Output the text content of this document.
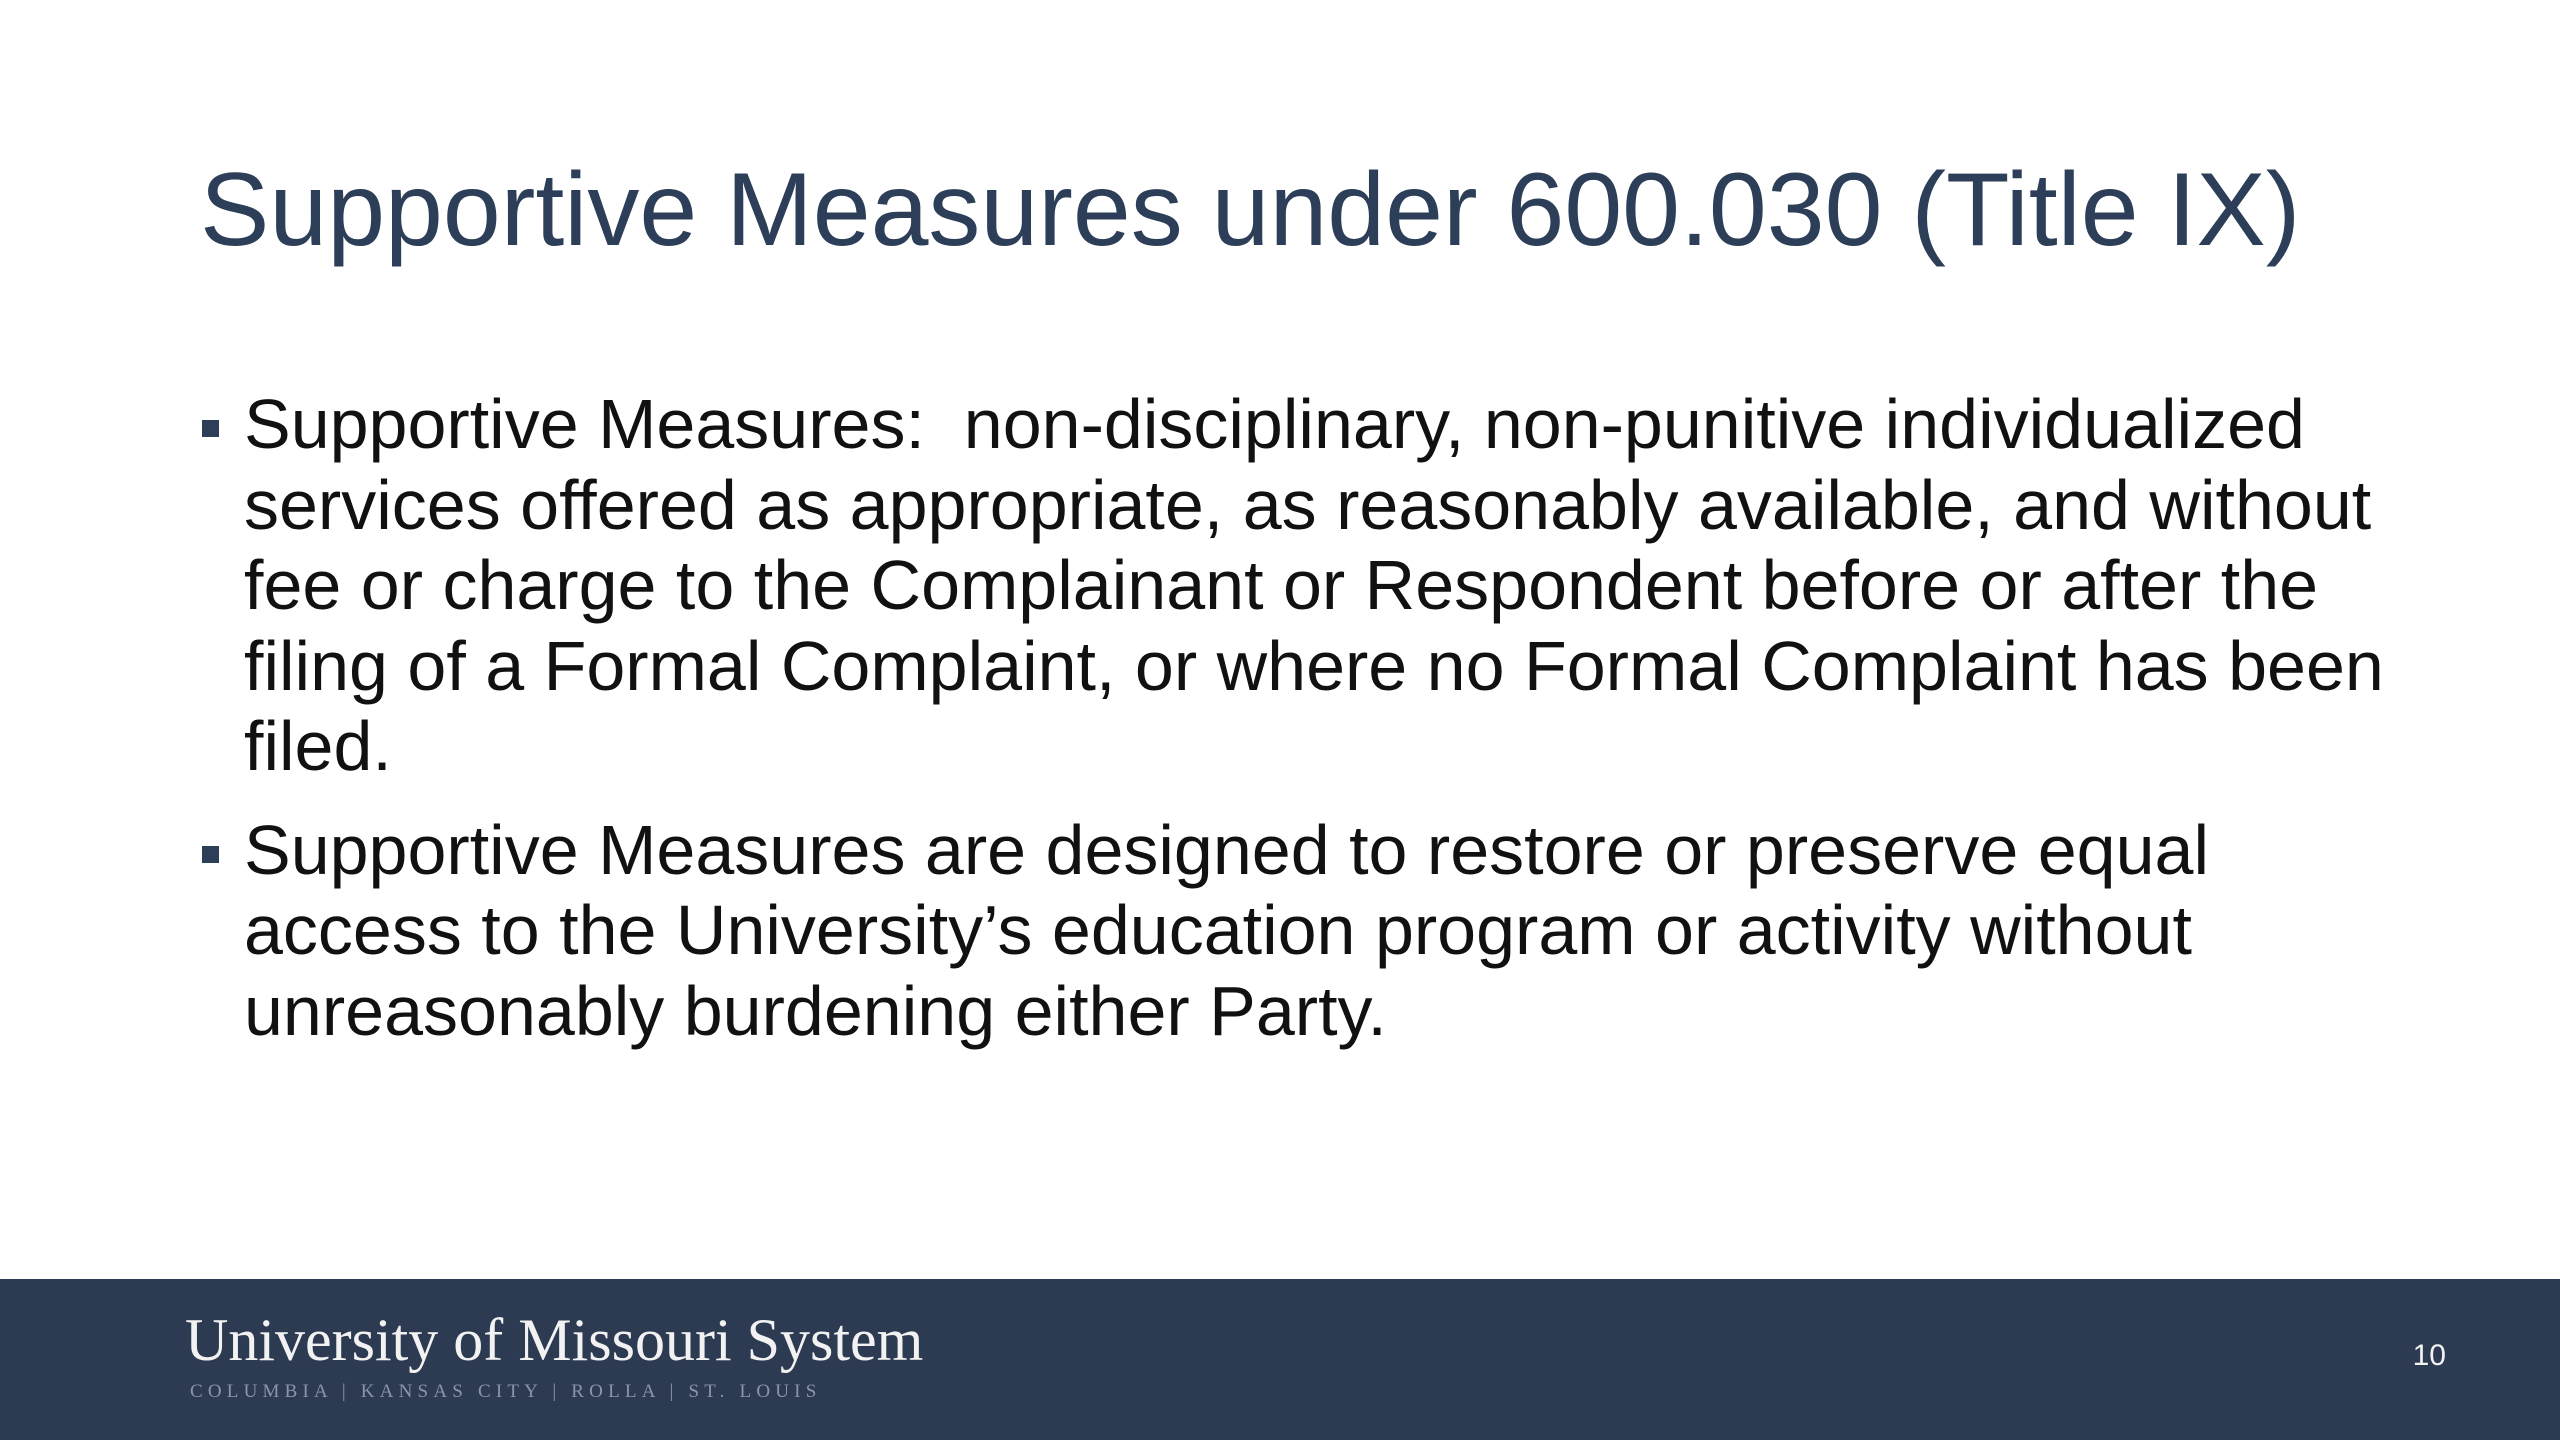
Supportive Measures under 600.030 (Title IX)
Supportive Measures:  non-disciplinary, non-punitive individualized services offered as appropriate, as reasonably available, and without fee or charge to the Complainant or Respondent before or after the filing of a Formal Complaint, or where no Formal Complaint has been filed.
Supportive Measures are designed to restore or preserve equal access to the University’s education program or activity without unreasonably burdening either Party.
University of Missouri System
COLUMBIA | KANSAS CITY | ROLLA | ST. LOUIS
10
